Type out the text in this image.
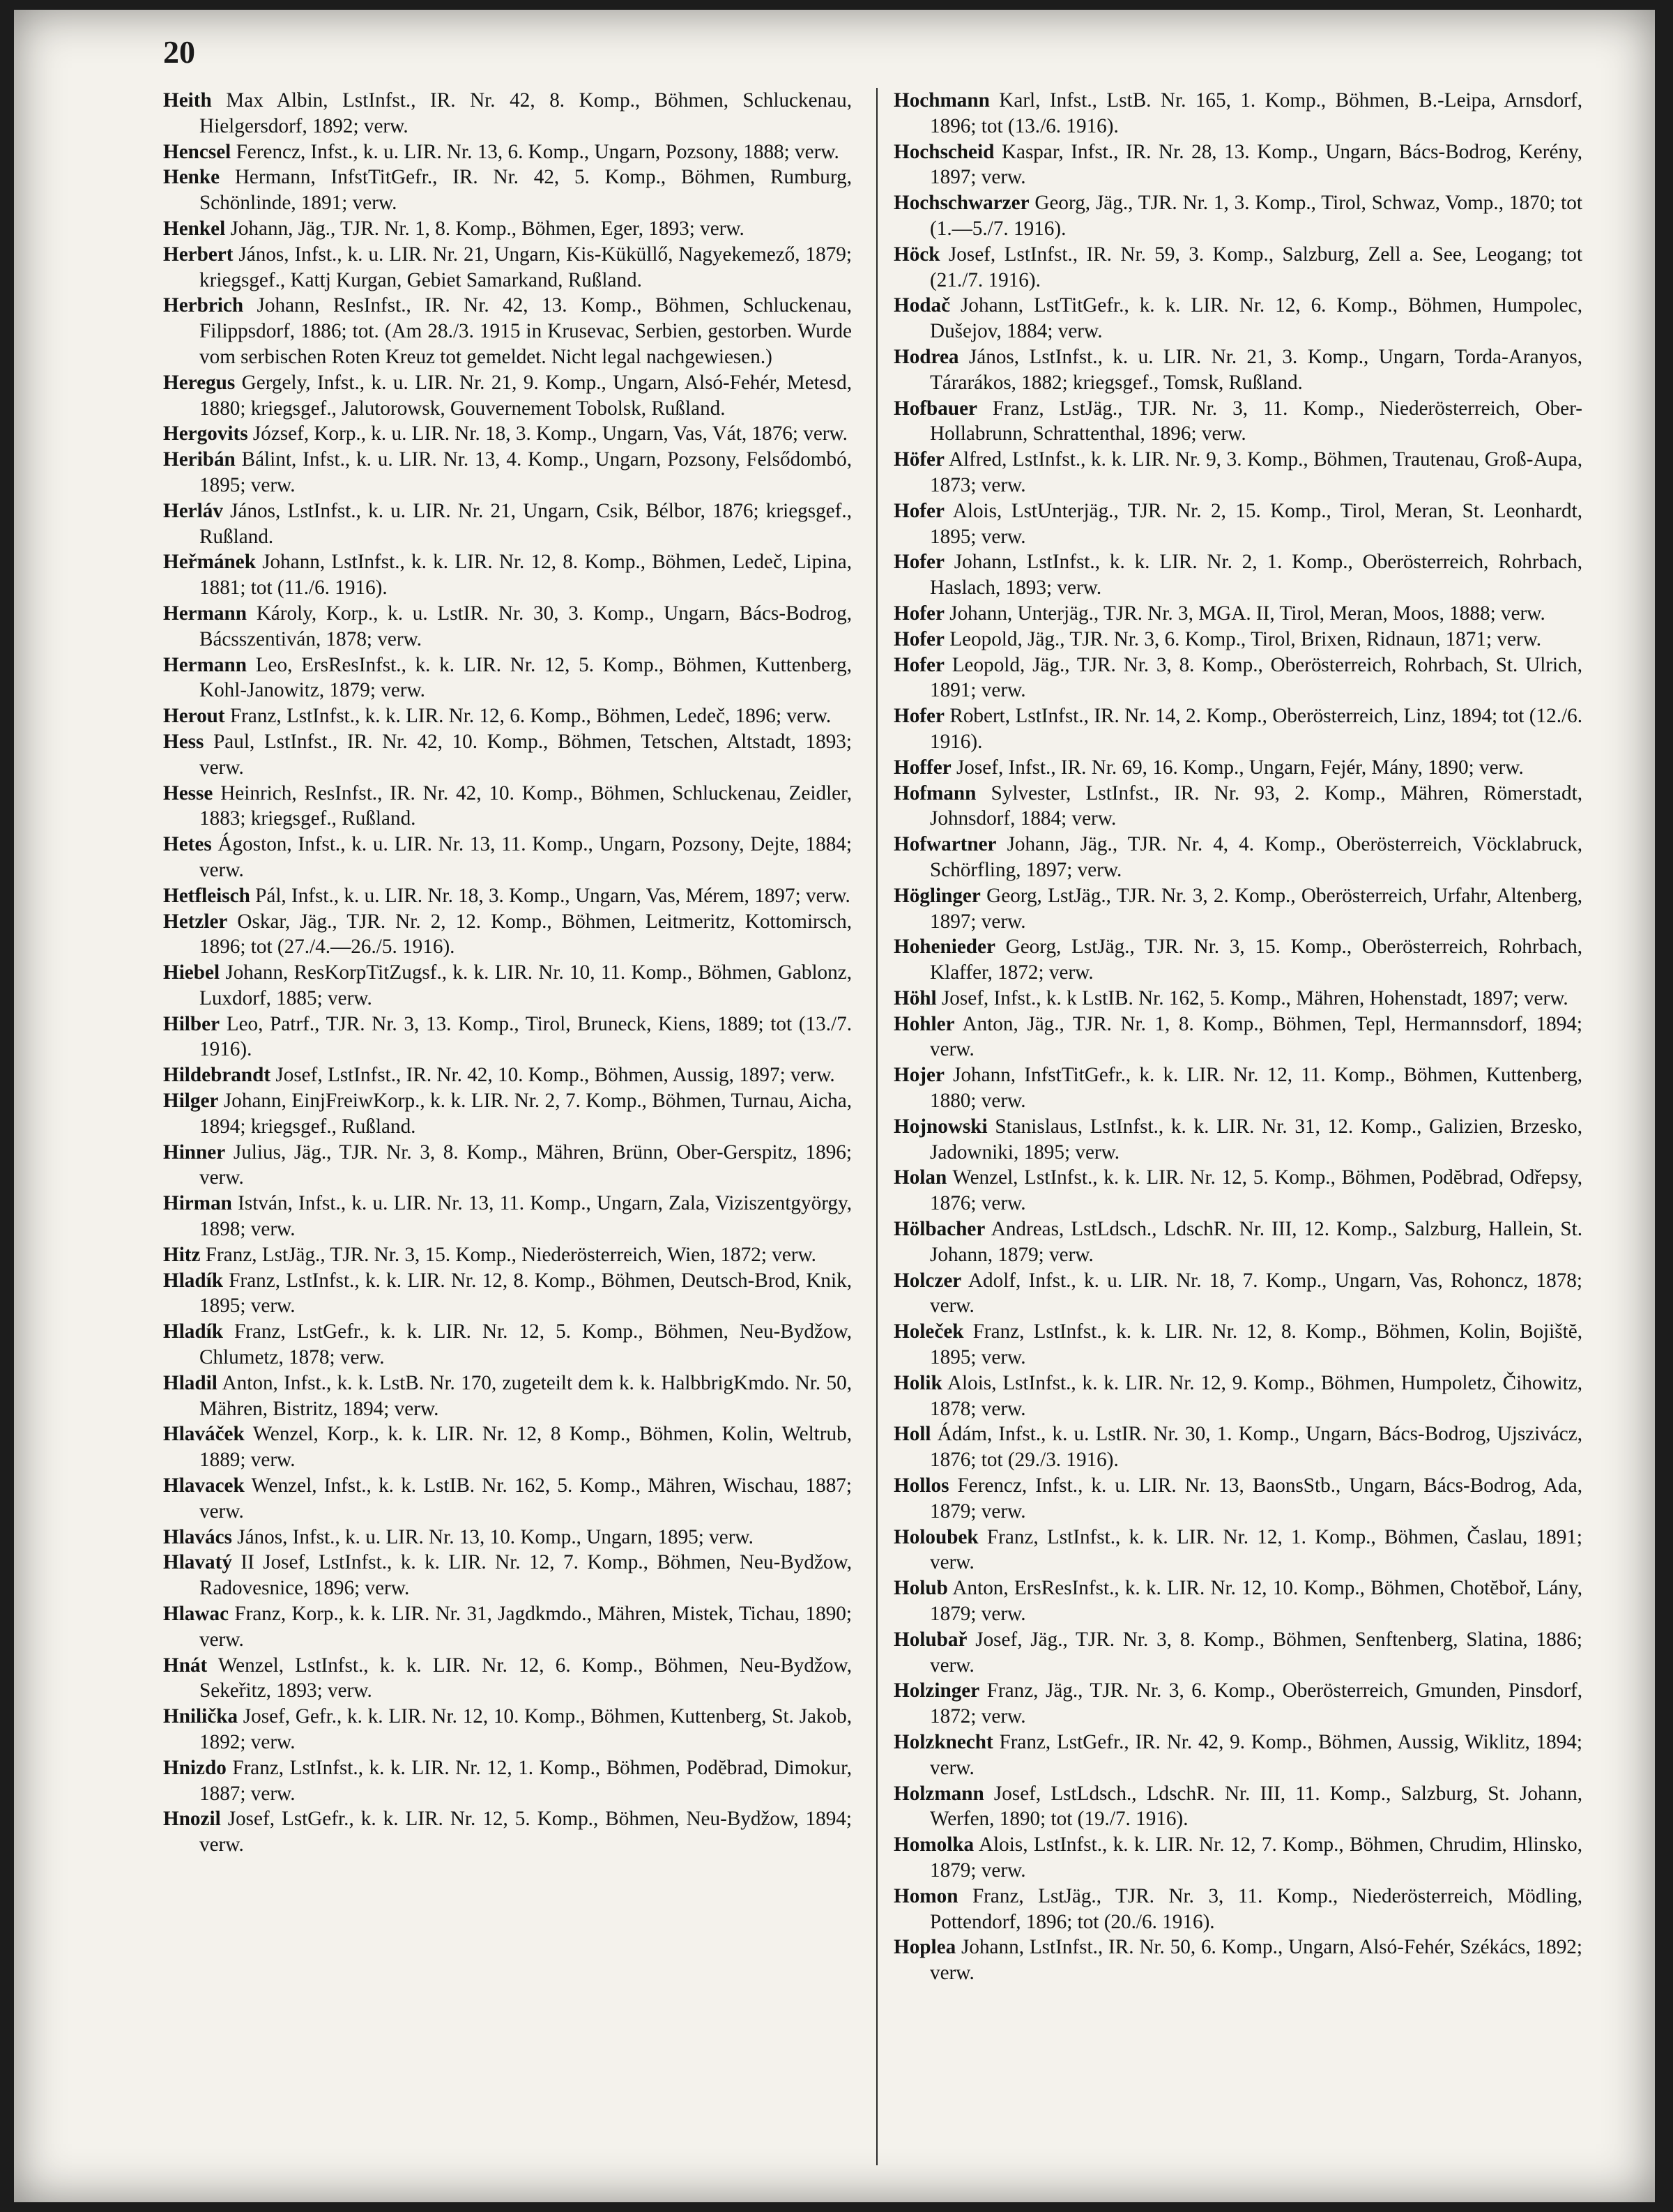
20

Heith Max Albin, LstInfst., IR. Nr. 42, 8. Komp., Böhmen, Schluckenau, Hielgersdorf, 1892; verw.

Hencsel Ferencz, Infst., k. u. LIR. Nr. 13, 6. Komp., Ungarn, Pozsony, 1888; verw.

Henke Hermann, InfstTitGefr., IR. Nr. 42, 5. Komp., Böhmen, Rumburg, Schönlinde, 1891; verw.

Henkel Johann, Jäg., TJR. Nr. 1, 8. Komp., Böhmen, Eger, 1893; verw.

Herbert János, Infst., k. u. LIR. Nr. 21, Ungarn, Kis-Küküllő, Nagyekemező, 1879; kriegsgef., Kattj Kurgan, Gebiet Samarkand, Rußland.

Herbrich Johann, ResInfst., IR. Nr. 42, 13. Komp., Böhmen, Schluckenau, Filippsdorf, 1886; tot. (Am 28./3. 1915 in Krusevac, Serbien, gestorben. Wurde vom serbischen Roten Kreuz tot gemeldet. Nicht legal nachgewiesen.)

Heregus Gergely, Infst., k. u. LIR. Nr. 21, 9. Komp., Ungarn, Alsó-Fehér, Metesd, 1880; kriegsgef., Jalutorowsk, Gouvernement Tobolsk, Rußland.

Hergovits József, Korp., k. u. LIR. Nr. 18, 3. Komp., Ungarn, Vas, Vát, 1876; verw.

Heribán Bálint, Infst., k. u. LIR. Nr. 13, 4. Komp., Ungarn, Pozsony, Felsődombó, 1895; verw.

Herláv János, LstInfst., k. u. LIR. Nr. 21, Ungarn, Csik, Bélbor, 1876; kriegsgef., Rußland.

Heřmánek Johann, LstInfst., k. k. LIR. Nr. 12, 8. Komp., Böhmen, Ledeč, Lipina, 1881; tot (11./6. 1916).

Hermann Károly, Korp., k. u. LstIR. Nr. 30, 3. Komp., Ungarn, Bács-Bodrog, Bácsszentiván, 1878; verw.

Hermann Leo, ErsResInfst., k. k. LIR. Nr. 12, 5. Komp., Böhmen, Kuttenberg, Kohl-Janowitz, 1879; verw.

Herout Franz, LstInfst., k. k. LIR. Nr. 12, 6. Komp., Böhmen, Ledeč, 1896; verw.

Hess Paul, LstInfst., IR. Nr. 42, 10. Komp., Böhmen, Tetschen, Altstadt, 1893; verw.

Hesse Heinrich, ResInfst., IR. Nr. 42, 10. Komp., Böhmen, Schluckenau, Zeidler, 1883; kriegsgef., Rußland.

Hetes Ágoston, Infst., k. u. LIR. Nr. 13, 11. Komp., Ungarn, Pozsony, Dejte, 1884; verw.

Hetfleisch Pál, Infst., k. u. LIR. Nr. 18, 3. Komp., Ungarn, Vas, Mérem, 1897; verw.

Hetzler Oskar, Jäg., TJR. Nr. 2, 12. Komp., Böhmen, Leitmeritz, Kottomirsch, 1896; tot (27./4.—26./5. 1916).

Hiebel Johann, ResKorpTitZugsf., k. k. LIR. Nr. 10, 11. Komp., Böhmen, Gablonz, Luxdorf, 1885; verw.

Hilber Leo, Patrf., TJR. Nr. 3, 13. Komp., Tirol, Bruneck, Kiens, 1889; tot (13./7. 1916).

Hildebrandt Josef, LstInfst., IR. Nr. 42, 10. Komp., Böhmen, Aussig, 1897; verw.

Hilger Johann, EinjFreiwKorp., k. k. LIR. Nr. 2, 7. Komp., Böhmen, Turnau, Aicha, 1894; kriegsgef., Rußland.

Hinner Julius, Jäg., TJR. Nr. 3, 8. Komp., Mähren, Brünn, Ober-Gerspitz, 1896; verw.

Hirman István, Infst., k. u. LIR. Nr. 13, 11. Komp., Ungarn, Zala, Viziszentgyörgy, 1898; verw.

Hitz Franz, LstJäg., TJR. Nr. 3, 15. Komp., Niederösterreich, Wien, 1872; verw.

Hladík Franz, LstInfst., k. k. LIR. Nr. 12, 8. Komp., Böhmen, Deutsch-Brod, Knik, 1895; verw.

Hladík Franz, LstGefr., k. k. LIR. Nr. 12, 5. Komp., Böhmen, Neu-Bydžow, Chlumetz, 1878; verw.

Hladil Anton, Infst., k. k. LstB. Nr. 170, zugeteilt dem k. k. HalbbrigKmdo. Nr. 50, Mähren, Bistritz, 1894; verw.

Hlaváček Wenzel, Korp., k. k. LIR. Nr. 12, 8 Komp., Böhmen, Kolin, Weltrub, 1889; verw.

Hlavacek Wenzel, Infst., k. k. LstIB. Nr. 162, 5. Komp., Mähren, Wischau, 1887; verw.

Hlavács János, Infst., k. u. LIR. Nr. 13, 10. Komp., Ungarn, 1895; verw.

Hlavatý II Josef, LstInfst., k. k. LIR. Nr. 12, 7. Komp., Böhmen, Neu-Bydžow, Radovesnice, 1896; verw.

Hlawac Franz, Korp., k. k. LIR. Nr. 31, Jagdkmdo., Mähren, Mistek, Tichau, 1890; verw.

Hnát Wenzel, LstInfst., k. k. LIR. Nr. 12, 6. Komp., Böhmen, Neu-Bydžow, Sekeřitz, 1893; verw.

Hnilička Josef, Gefr., k. k. LIR. Nr. 12, 10. Komp., Böhmen, Kuttenberg, St. Jakob, 1892; verw.

Hnizdo Franz, LstInfst., k. k. LIR. Nr. 12, 1. Komp., Böhmen, Podĕbrad, Dimokur, 1887; verw.

Hnozil Josef, LstGefr., k. k. LIR. Nr. 12, 5. Komp., Böhmen, Neu-Bydžow, 1894; verw.

Hochmann Karl, Infst., LstB. Nr. 165, 1. Komp., Böhmen, B.-Leipa, Arnsdorf, 1896; tot (13./6. 1916).

Hochscheid Kaspar, Infst., IR. Nr. 28, 13. Komp., Ungarn, Bács-Bodrog, Kerény, 1897; verw.

Hochschwarzer Georg, Jäg., TJR. Nr. 1, 3. Komp., Tirol, Schwaz, Vomp., 1870; tot (1.—5./7. 1916).

Höck Josef, LstInfst., IR. Nr. 59, 3. Komp., Salzburg, Zell a. See, Leogang; tot (21./7. 1916).

Hodač Johann, LstTitGefr., k. k. LIR. Nr. 12, 6. Komp., Böhmen, Humpolec, Dušejov, 1884; verw.

Hodrea János, LstInfst., k. u. LIR. Nr. 21, 3. Komp., Ungarn, Torda-Aranyos, Tárarákos, 1882; kriegsgef., Tomsk, Rußland.

Hofbauer Franz, LstJäg., TJR. Nr. 3, 11. Komp., Niederösterreich, Ober-Hollabrunn, Schrattenthal, 1896; verw.

Höfer Alfred, LstInfst., k. k. LIR. Nr. 9, 3. Komp., Böhmen, Trautenau, Groß-Aupa, 1873; verw.

Hofer Alois, LstUnterjäg., TJR. Nr. 2, 15. Komp., Tirol, Meran, St. Leonhardt, 1895; verw.

Hofer Johann, LstInfst., k. k. LIR. Nr. 2, 1. Komp., Oberösterreich, Rohrbach, Haslach, 1893; verw.

Hofer Johann, Unterjäg., TJR. Nr. 3, MGA. II, Tirol, Meran, Moos, 1888; verw.

Hofer Leopold, Jäg., TJR. Nr. 3, 6. Komp., Tirol, Brixen, Ridnaun, 1871; verw.

Hofer Leopold, Jäg., TJR. Nr. 3, 8. Komp., Oberösterreich, Rohrbach, St. Ulrich, 1891; verw.

Hofer Robert, LstInfst., IR. Nr. 14, 2. Komp., Oberösterreich, Linz, 1894; tot (12./6. 1916).

Hoffer Josef, Infst., IR. Nr. 69, 16. Komp., Ungarn, Fejér, Mány, 1890; verw.

Hofmann Sylvester, LstInfst., IR. Nr. 93, 2. Komp., Mähren, Römerstadt, Johnsdorf, 1884; verw.

Hofwartner Johann, Jäg., TJR. Nr. 4, 4. Komp., Oberösterreich, Vöcklabruck, Schörfling, 1897; verw.

Höglinger Georg, LstJäg., TJR. Nr. 3, 2. Komp., Oberösterreich, Urfahr, Altenberg, 1897; verw.

Hohenieder Georg, LstJäg., TJR. Nr. 3, 15. Komp., Oberösterreich, Rohrbach, Klaffer, 1872; verw.

Höhl Josef, Infst., k. k LstIB. Nr. 162, 5. Komp., Mähren, Hohenstadt, 1897; verw.

Hohler Anton, Jäg., TJR. Nr. 1, 8. Komp., Böhmen, Tepl, Hermannsdorf, 1894; verw.

Hojer Johann, InfstTitGefr., k. k. LIR. Nr. 12, 11. Komp., Böhmen, Kuttenberg, 1880; verw.

Hojnowski Stanislaus, LstInfst., k. k. LIR. Nr. 31, 12. Komp., Galizien, Brzesko, Jadowniki, 1895; verw.

Holan Wenzel, LstInfst., k. k. LIR. Nr. 12, 5. Komp., Böhmen, Podĕbrad, Odřepsy, 1876; verw.

Hölbacher Andreas, LstLdsch., LdschR. Nr. III, 12. Komp., Salzburg, Hallein, St. Johann, 1879; verw.

Holczer Adolf, Infst., k. u. LIR. Nr. 18, 7. Komp., Ungarn, Vas, Rohoncz, 1878; verw.

Holeček Franz, LstInfst., k. k. LIR. Nr. 12, 8. Komp., Böhmen, Kolin, Bojištĕ, 1895; verw.

Holik Alois, LstInfst., k. k. LIR. Nr. 12, 9. Komp., Böhmen, Humpoletz, Čihowitz, 1878; verw.

Holl Ádám, Infst., k. u. LstIR. Nr. 30, 1. Komp., Ungarn, Bács-Bodrog, Ujszivácz, 1876; tot (29./3. 1916).

Hollos Ferencz, Infst., k. u. LIR. Nr. 13, BaonsStb., Ungarn, Bács-Bodrog, Ada, 1879; verw.

Holoubek Franz, LstInfst., k. k. LIR. Nr. 12, 1. Komp., Böhmen, Časlau, 1891; verw.

Holub Anton, ErsResInfst., k. k. LIR. Nr. 12, 10. Komp., Böhmen, Chotĕboř, Lány, 1879; verw.

Holubař Josef, Jäg., TJR. Nr. 3, 8. Komp., Böhmen, Senftenberg, Slatina, 1886; verw.

Holzinger Franz, Jäg., TJR. Nr. 3, 6. Komp., Oberösterreich, Gmunden, Pinsdorf, 1872; verw.

Holzknecht Franz, LstGefr., IR. Nr. 42, 9. Komp., Böhmen, Aussig, Wiklitz, 1894; verw.

Holzmann Josef, LstLdsch., LdschR. Nr. III, 11. Komp., Salzburg, St. Johann, Werfen, 1890; tot (19./7. 1916).

Homolka Alois, LstInfst., k. k. LIR. Nr. 12, 7. Komp., Böhmen, Chrudim, Hlinsko, 1879; verw.

Homon Franz, LstJäg., TJR. Nr. 3, 11. Komp., Niederösterreich, Mödling, Pottendorf, 1896; tot (20./6. 1916).

Hoplea Johann, LstInfst., IR. Nr. 50, 6. Komp., Ungarn, Alsó-Fehér, Székács, 1892; verw.
